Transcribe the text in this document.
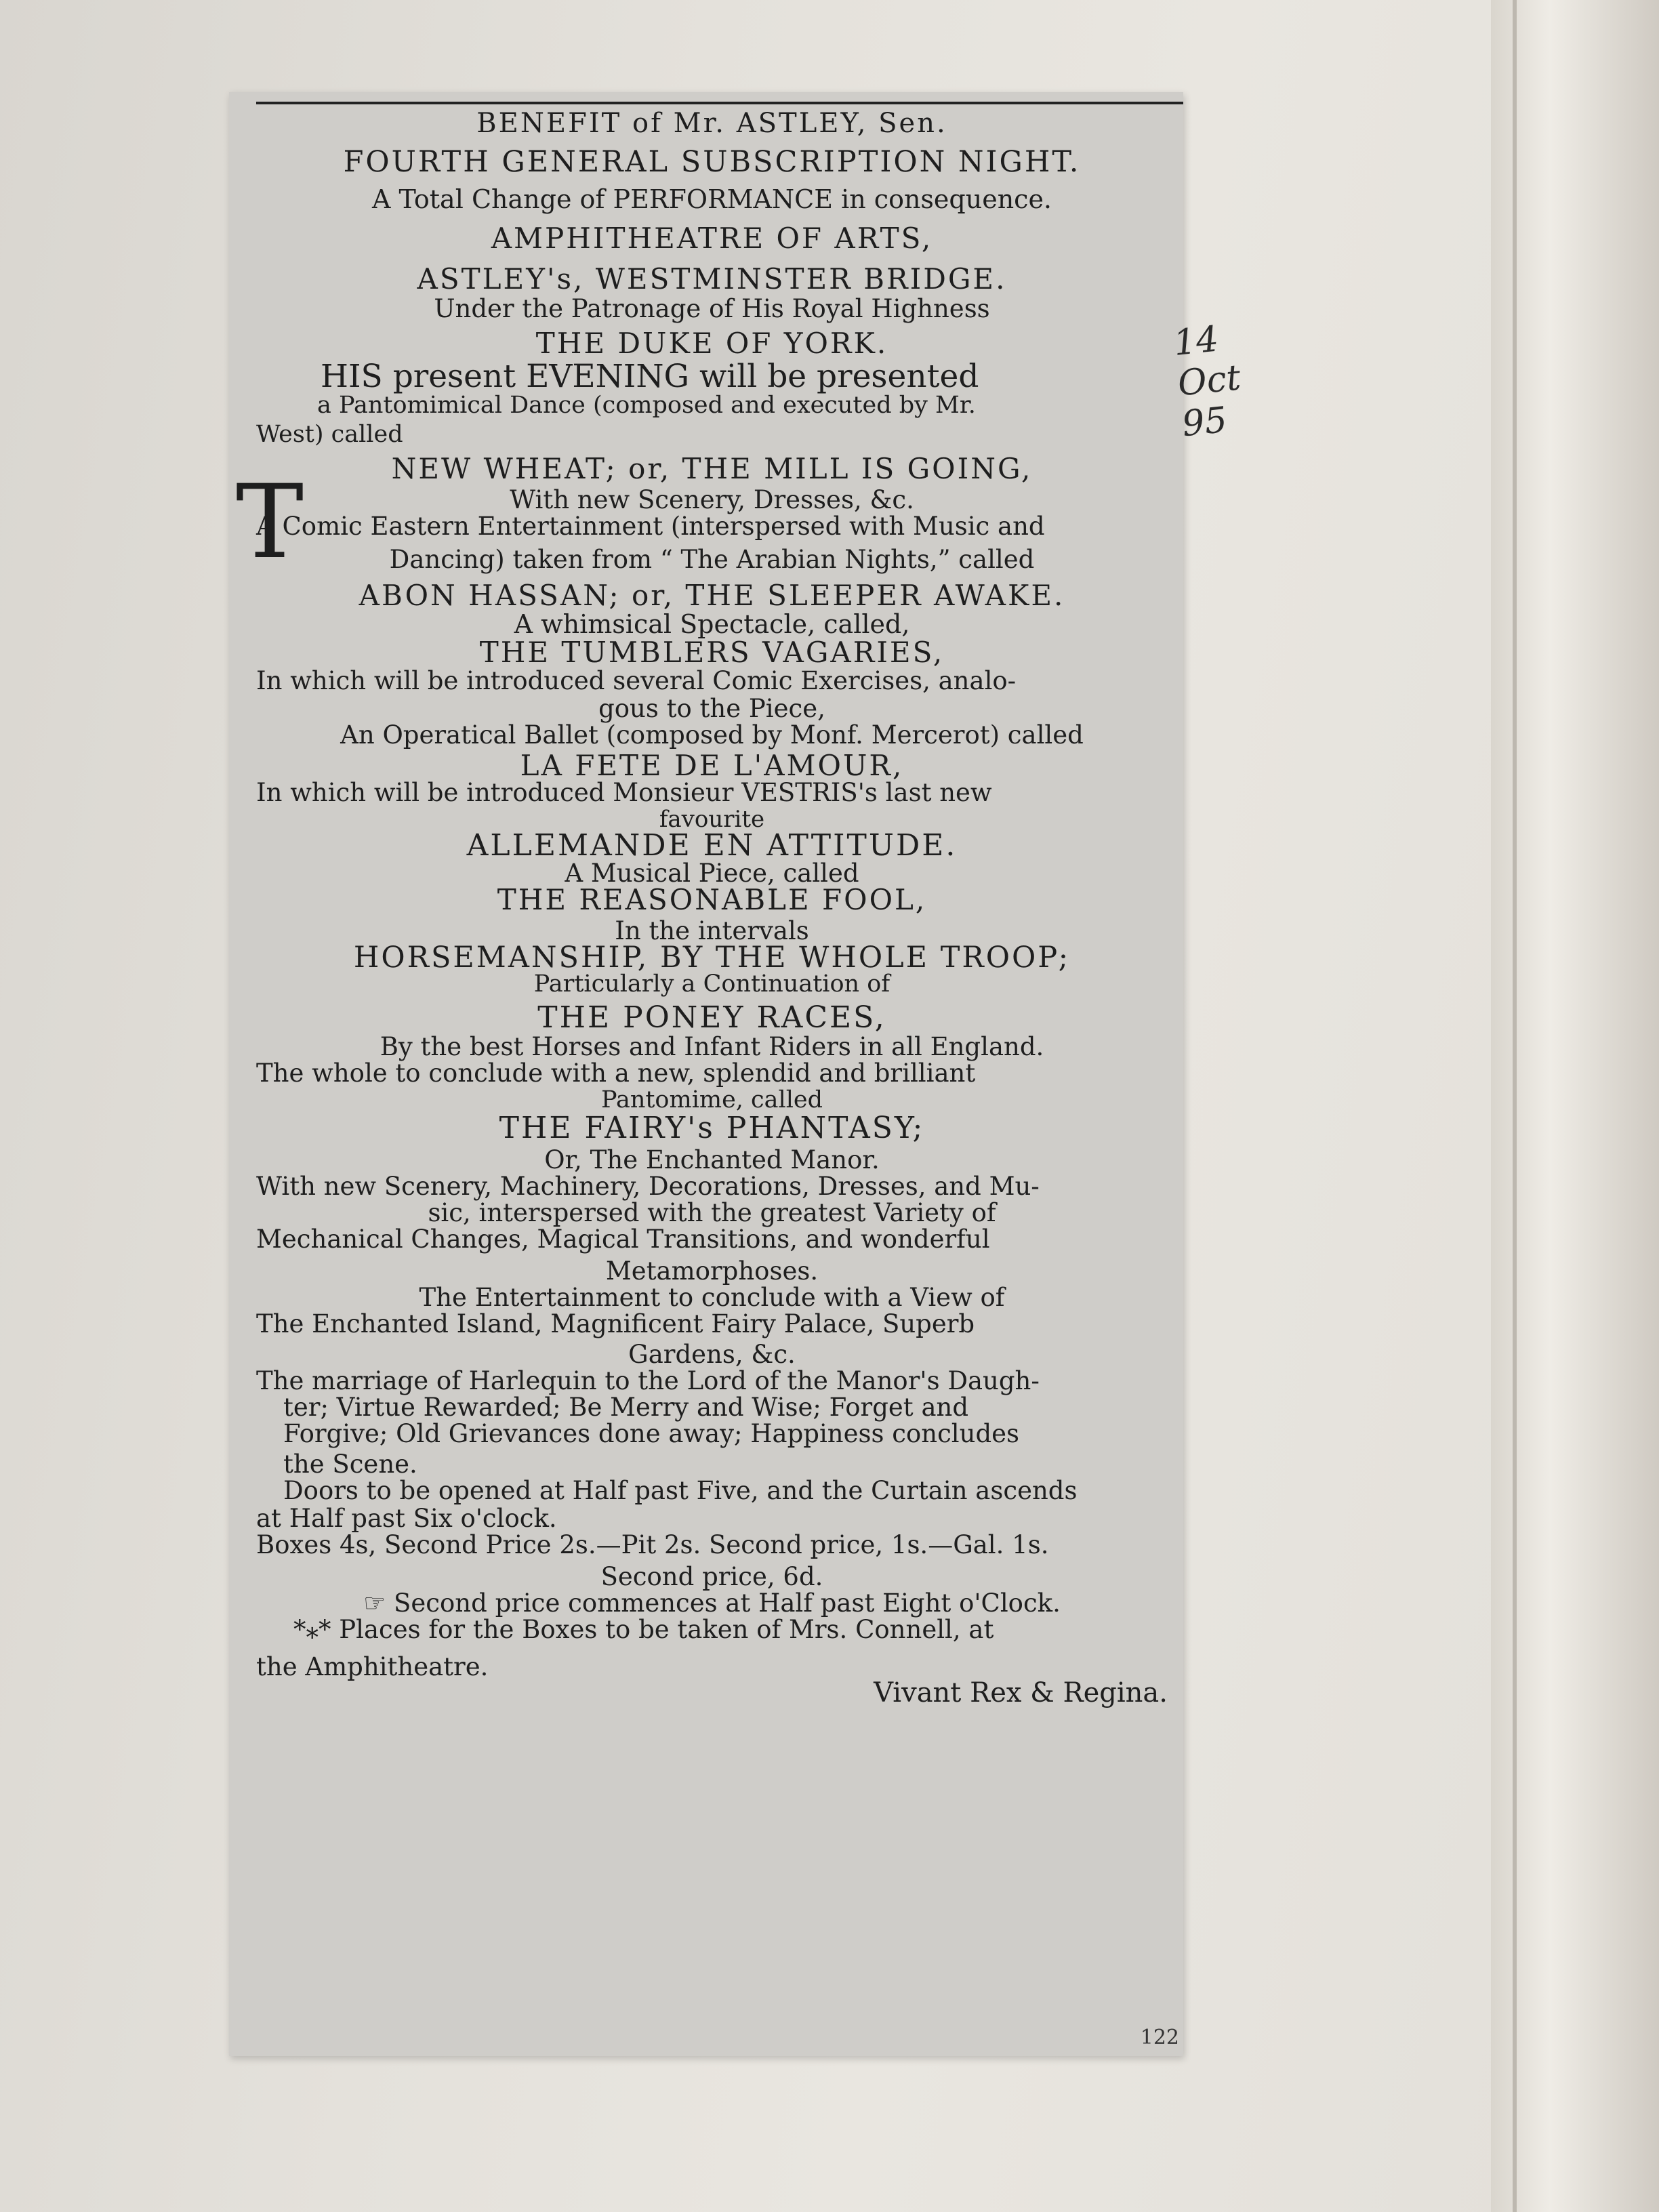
BENEFIT of Mr. ASTLEY, Sen.
FOURTH GENERAL SUBSCRIPTION NIGHT.
A Total Change of PERFORMANCE in consequence.
AMPHITHEATRE OF ARTS,
ASTLEY's, WESTMINSTER BRIDGE.
Under the Patronage of His Royal Highness
THE DUKE OF YORK.
HIS present EVENING will be presented
a Pantomimical Dance (composed and executed by Mr.
West) called
NEW WHEAT; or, THE MILL IS GOING,
With new Scenery, Dresses, &c.
A Comic Eastern Entertainment (interspersed with Music and
Dancing) taken from “ The Arabian Nights,” called
ABON HASSAN; or, THE SLEEPER AWAKE.
A whimsical Spectacle, called,
THE TUMBLERS VAGARIES,
In which will be introduced several Comic Exercises, analo-
gous to the Piece,
An Operatical Ballet (composed by Monf. Mercerot) called
LA FETE DE L'AMOUR,
In which will be introduced Monsieur VESTRIS's last new
favourite
ALLEMANDE EN ATTITUDE.
A Musical Piece, called
THE REASONABLE FOOL,
In the intervals
HORSEMANSHIP, BY THE WHOLE TROOP;
Particularly a Continuation of
THE PONEY RACES,
By the best Horses and Infant Riders in all England.
The whole to conclude with a new, splendid and brilliant
Pantomime, called
THE FAIRY's PHANTASY;
Or, The Enchanted Manor.
With new Scenery, Machinery, Decorations, Dresses, and Mu-
sic, interspersed with the greatest Variety of
Mechanical Changes, Magical Transitions, and wonderful
Metamorphoses.
The Entertainment to conclude with a View of
The Enchanted Island, Magnificent Fairy Palace, Superb
Gardens, &c.
The marriage of Harlequin to the Lord of the Manor's Daugh-
ter; Virtue Rewarded; Be Merry and Wise; Forget and
Forgive; Old Grievances done away; Happiness concludes
the Scene.
Doors to be opened at Half past Five, and the Curtain ascends
at Half past Six o'clock.
Boxes 4s, Second Price 2s.—Pit 2s. Second price, 1s.—Gal. 1s.
Second price, 6d.
☞ Second price commences at Half past Eight o'Clock.
*⁎* Places for the Boxes to be taken of Mrs. Connell, at
the Amphitheatre.
Vivant Rex & Regina.
T
14 Oct 95
122
